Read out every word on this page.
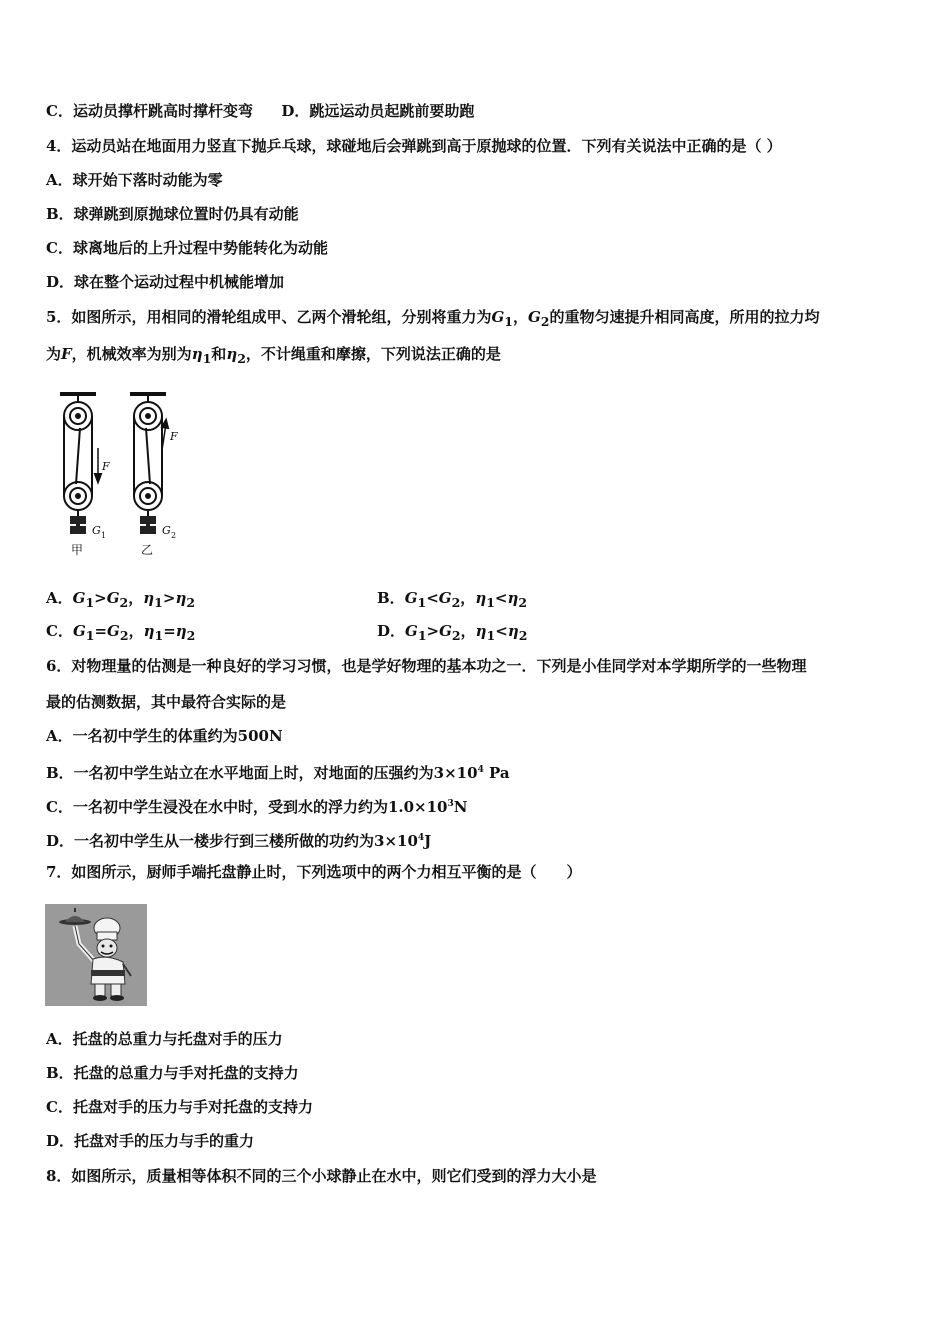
C．运动员撑杆跳高时撑杆变弯 D．跳远运动员起跳前要助跑
4．运动员站在地面用力竖直下抛乒乓球，球碰地后会弹跳到高于原抛球的位置．下列有关说法中正确的是（ ）
A．球开始下落时动能为零
B．球弹跳到原抛球位置时仍具有动能
C．球离地后的上升过程中势能转化为动能
D．球在整个运动过程中机械能增加
5．如图所示，用相同的滑轮组成甲、乙两个滑轮组，分别将重力为$G_1$，$G_2$的重物匀速提升相同高度，所用的拉力均
为F，机械效率为别为$\eta_1$和$\eta_2$，不计绳重和摩擦，下列说法正确的是
F
F
G 1	G 2
甲	乙
A．$G_1>G_2$，$\eta_1>\eta_2$	B．$G_1<G_2$，$\eta_1<\eta_2$
C．$G_1=G_2$，$\eta_1=\eta_2$	D．$G_1>G_2$，$\eta_1<\eta_2$
6．对物理量的估测是一种良好的学习习惯，也是学好物理的基本功之一．下列是小佳同学对本学期所学的一些物理
最的估测数据，其中最符合实际的是
A．一名初中学生的体重约为500N
B．一名初中学生站立在水平地面上时，对地面的压强约为$3\times 10^4$ Pa
C．一名初中学生浸没在水中时，受到水的浮力约为$1.0\times 10^3N$
D．一名初中学生从一楼步行到三楼所做的功约为$3\times 10^4J$
7．如图所示，厨师手端托盘静止时，下列选项中的两个力相互平衡的是（　　）
A．托盘的总重力与托盘对手的压力
B．托盘的总重力与手对托盘的支持力
C．托盘对手的压力与手对托盘的支持力
D．托盘对手的压力与手的重力
8．如图所示，质量相等体积不同的三个小球静止在水中，则它们受到的浮力大小是
